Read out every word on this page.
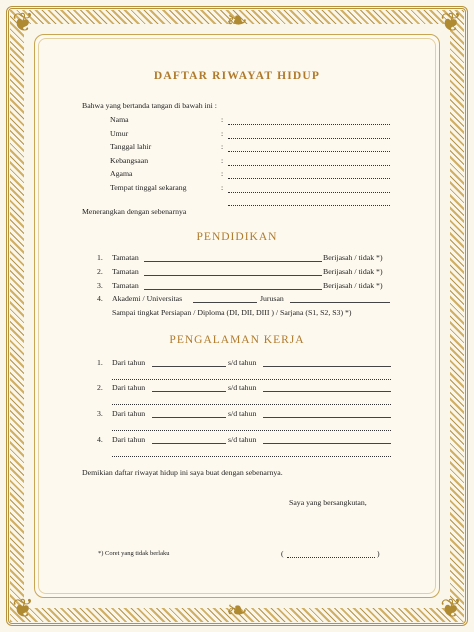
❦	❦
❦	❦
❧
❧
DAFTAR RIWAYAT HIDUP
Bahwa yang bertanda tangan di bawah ini :
Nama	:
Umur	:
Tanggal lahir	:
Kebangsaan	:
Agama	:
Tempat tinggal sekarang	:
Menerangkan dengan sebenarnya
PENDIDIKAN
1. Tamatan	Berijasah / tidak *)
2. Tamatan	Berijasah / tidak *)
3. Tamatan	Berijasah / tidak *)
4. Akademi / Universitas	Jurusan
Sampai tingkat Persiapan / Diploma (DI, DII, DIII ) / Sarjana (S1, S2, S3) *)
PENGALAMAN KERJA
1. Dari tahun	s/d tahun
2. Dari tahun	s/d tahun
3. Dari tahun	s/d tahun
4. Dari tahun	s/d tahun
Demikian daftar riwayat hidup ini saya buat dengan sebenarnya.
Saya yang bersangkutan,
*) Coret yang tidak berlaku	(	)
